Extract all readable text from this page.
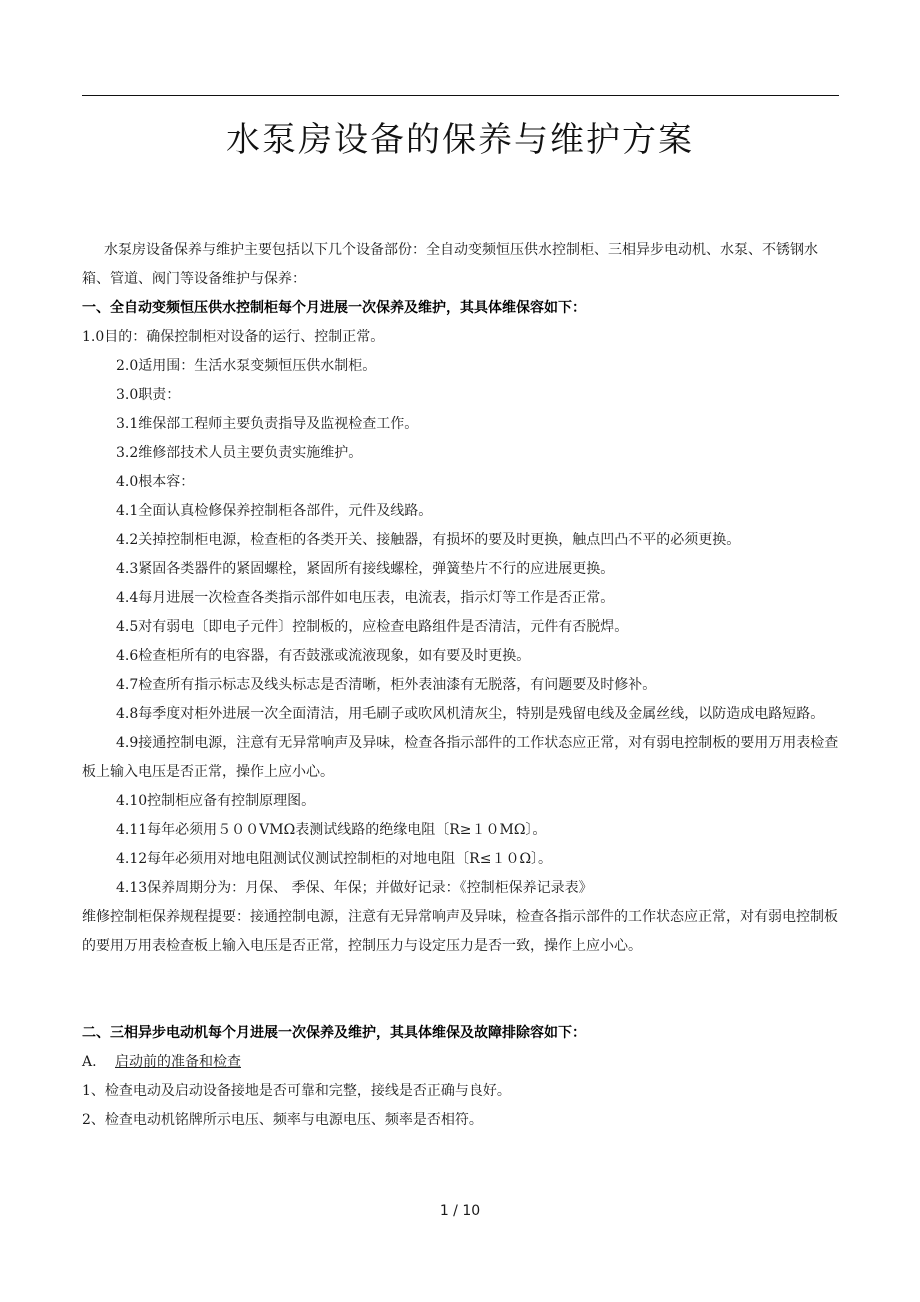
水泵房设备的保养与维护方案

水泵房设备保养与维护主要包括以下几个设备部份：全自动变频恒压供水控制柜、三相异步电动机、水泵、不锈钢水箱、管道、阀门等设备维护与保养：

一、全自动变频恒压供水控制柜每个月进展一次保养及维护，其具体维保容如下：

1.0目的：确保控制柜对设备的运行、控制正常。

2.0适用围：生活水泵变频恒压供水制柜。

3.0职责：

3.1维保部工程师主要负责指导及监视检查工作。

3.2维修部技术人员主要负责实施维护。

4.0根本容：

4.1全面认真检修保养控制柜各部件，元件及线路。

4.2关掉控制柜电源，检查柜的各类开关、接触器，有损坏的要及时更换，触点凹凸不平的必须更换。

4.3紧固各类器件的紧固螺栓，紧固所有接线螺栓，弹簧垫片不行的应进展更换。

4.4每月进展一次检查各类指示部件如电压表，电流表，指示灯等工作是否正常。

4.5对有弱电〔即电子元件〕控制板的，应检查电路组件是否清洁，元件有否脱焊。

4.6检查柜所有的电容器，有否鼓涨或流液现象，如有要及时更换。

4.7检查所有指示标志及线头标志是否清晰，柜外表油漆有无脱落，有问题要及时修补。

4.8每季度对柜外进展一次全面清洁，用毛刷子或吹风机清灰尘，特别是残留电线及金属丝线，以防造成电路短路。

4.9接通控制电源，注意有无异常响声及异味，检查各指示部件的工作状态应正常，对有弱电控制板的要用万用表检查板上输入电压是否正常，操作上应小心。

4.10控制柜应备有控制原理图。

4.11每年必须用５００VMΩ表测试线路的绝缘电阻〔R≥１０MΩ〕。

4.12每年必须用对地电阻测试仪测试控制柜的对地电阻〔R≤１０Ω〕。

4.13保养周期分为：月保、 季保、年保；并做好记录：《控制柜保养记录表》

维修控制柜保养规程提要：接通控制电源，注意有无异常响声及异味，检查各指示部件的工作状态应正常，对有弱电控制板的要用万用表检查板上输入电压是否正常，控制压力与设定压力是否一致，操作上应小心。

二、三相异步电动机每个月进展一次保养及维护，其具体维保及故障排除容如下：

A. 启动前的准备和检查

1、检查电动及启动设备接地是否可靠和完整，接线是否正确与良好。

2、检查电动机铭牌所示电压、频率与电源电压、频率是否相符。

1 / 10
